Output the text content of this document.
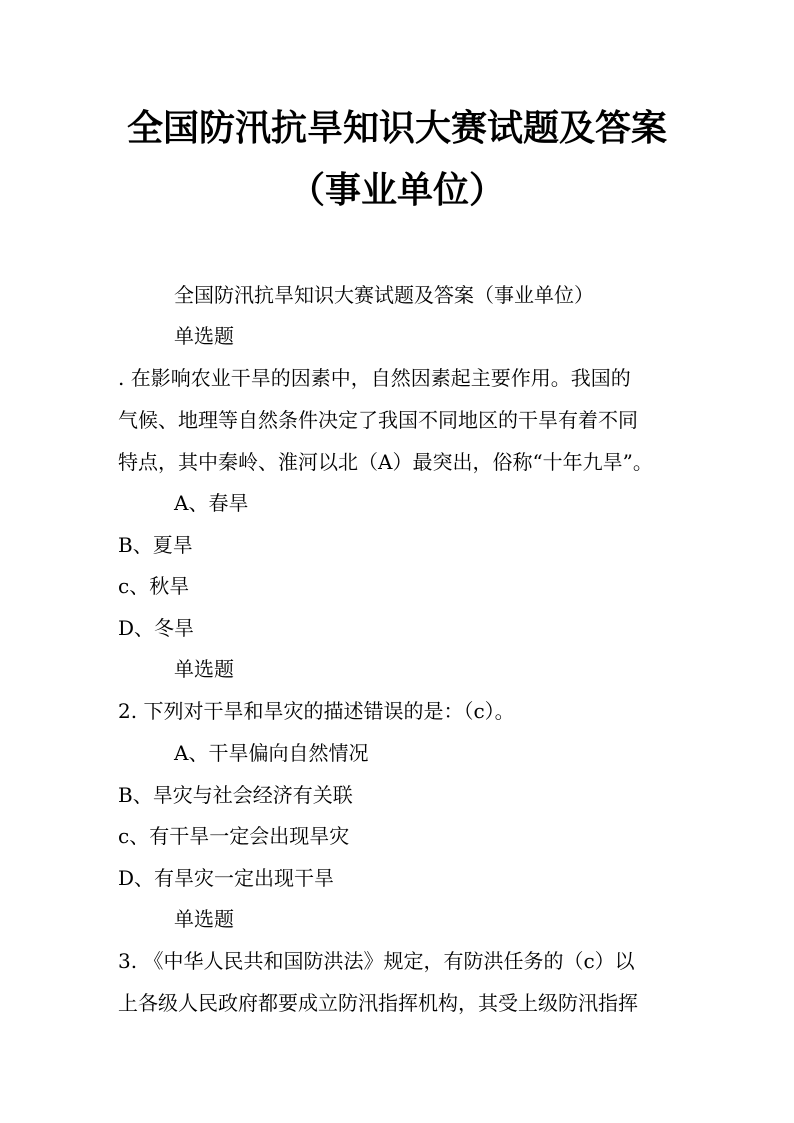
全国防汛抗旱知识大赛试题及答案
（事业单位）
全国防汛抗旱知识大赛试题及答案（事业单位）
单选题
. 在影响农业干旱的因素中，自然因素起主要作用。我国的
气候、地理等自然条件决定了我国不同地区的干旱有着不同
特点，其中秦岭、淮河以北（A）最突出，俗称“十年九旱”。
A、春旱
B、夏旱
c、秋旱
D、冬旱
单选题
2. 下列对干旱和旱灾的描述错误的是：（c）。
A、干旱偏向自然情况
B、旱灾与社会经济有关联
c、有干旱一定会出现旱灾
D、有旱灾一定出现干旱
单选题
3. 《中华人民共和国防洪法》规定，有防洪任务的（c）以
上各级人民政府都要成立防汛指挥机构，其受上级防汛指挥
